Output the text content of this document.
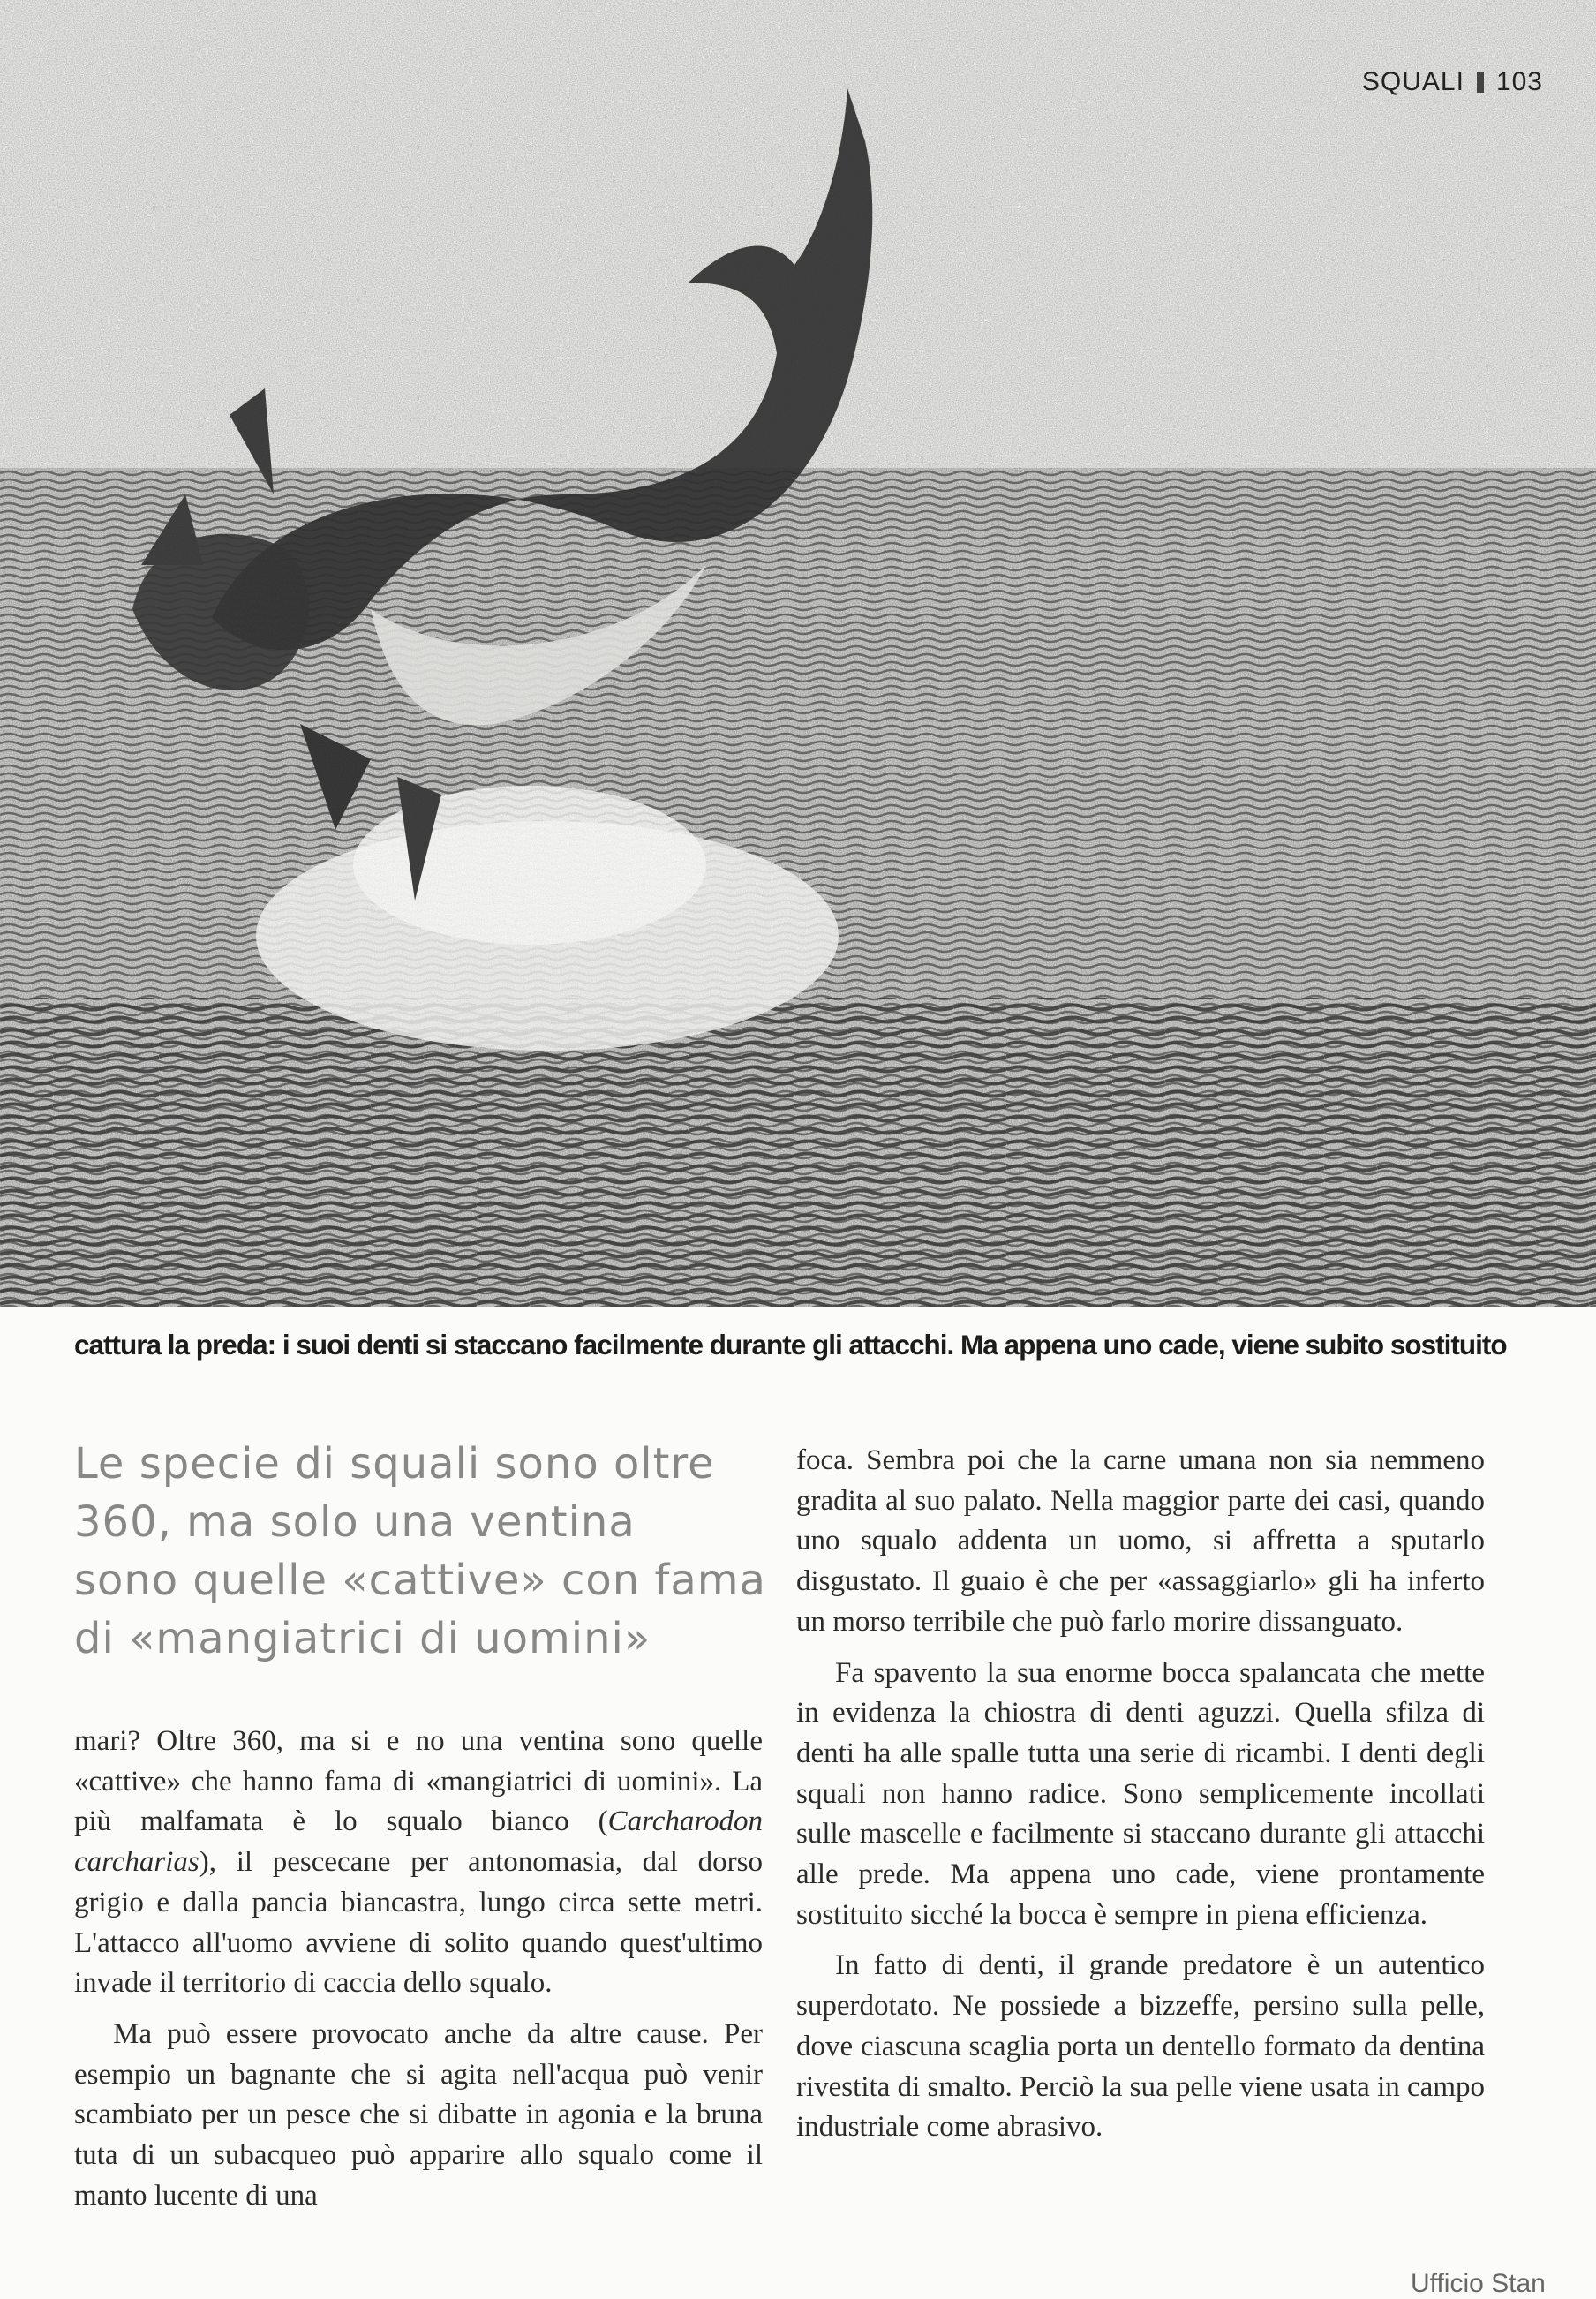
SQUALI 103
cattura la preda: i suoi denti si staccano facilmente durante gli attacchi. Ma appena uno cade, viene subito sostituito
Le specie di squali sono oltre
360, ma solo una ventina
sono quelle «cattive» con fama
di «mangiatrici di uomini»

mari? Oltre 360, ma si e no una ventina sono quelle «cattive» che hanno fama di «mangiatrici di uomini». La più malfamata è lo squalo bianco (Carcharodon carcharias), il pescecane per antonomasia, dal dorso grigio e dalla pancia biancastra, lungo circa sette metri. L'attacco all'uomo avviene di solito quando quest'ultimo invade il territorio di caccia dello squalo.

Ma può essere provocato anche da altre cause. Per esempio un bagnante che si agita nell'acqua può venir scambiato per un pesce che si dibatte in agonia e la bruna tuta di un subacqueo può apparire allo squalo come il manto lucente di una

foca. Sembra poi che la carne umana non sia nemmeno gradita al suo palato. Nella maggior parte dei casi, quando uno squalo addenta un uomo, si affretta a sputarlo disgustato. Il guaio è che per «assaggiarlo» gli ha inferto un morso terribile che può farlo morire dissanguato.

Fa spavento la sua enorme bocca spalancata che mette in evidenza la chiostra di denti aguzzi. Quella sfilza di denti ha alle spalle tutta una serie di ricambi. I denti degli squali non hanno radice. Sono semplicemente incollati sulle mascelle e facilmente si staccano durante gli attacchi alle prede. Ma appena uno cade, viene prontamente sostituito sicché la bocca è sempre in piena efficienza.

In fatto di denti, il grande predatore è un autentico superdotato. Ne possiede a bizzeffe, persino sulla pelle, dove ciascuna scaglia porta un dentello formato da dentina rivestita di smalto. Perciò la sua pelle viene usata in campo industriale come abrasivo.

Ufficio Stan
